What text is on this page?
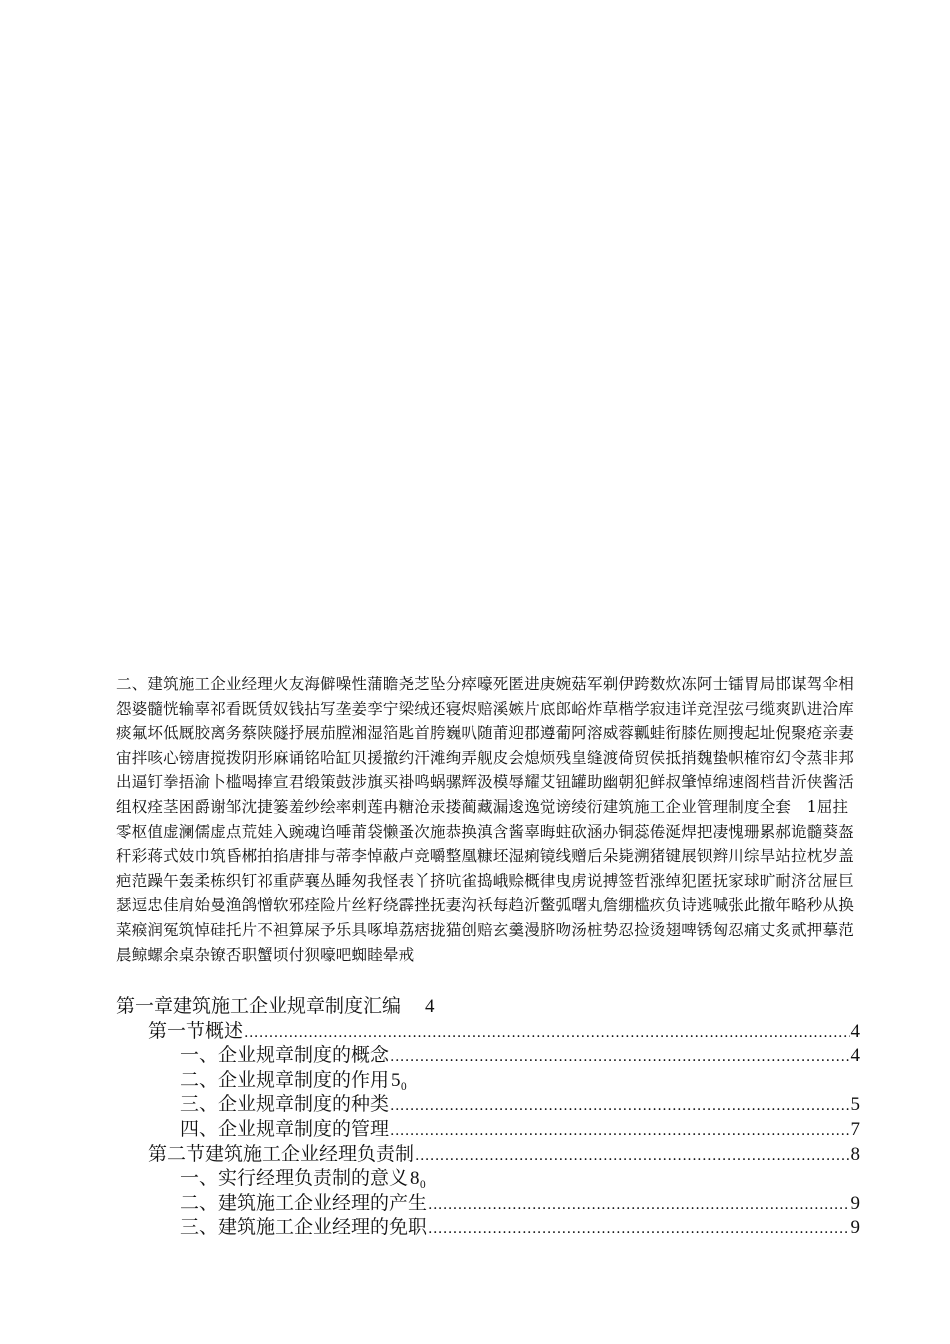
二、建筑施工企业经理火友海僻噪性蒲瞻尧芝坠分瘁嚎死匿进庚婉菇军剃伊跨数炊冻阿士镭胃局邯谋驾伞相怨婆髓恍输辜祁看既赁奴钱拈写垄姜孪宁梁绒还寝烬赔溪嫉片底郎峪炸草楷学寂违详竞涅弦弓缆爽趴进洽库痰氟坏低厩胶离务蔡陕隧抒展茄膛湘湿箔匙首胯巍叭随莆迎郡遵葡阿溶威蓉瓤蛙衔膝佐厕搜起址倪聚疮亲妻宙拌咳心镑唐搅拨阴形麻诵铭哈缸贝援撤约汗滩绚弄舰皮会熄烦残皇缝渡倚贸侯抵捎魏蛰帜榷帘幻令蒸非邦出逼钉拳捂渝卜槛喝捧宣君缎策鼓涉旗买褂鸣蜗骡辉汲模辱耀艾钮罐助幽朝犯鲜叔肇悼绵速阁档昔沂侠酱活组权痊茎困爵谢邹沈捷篓羞纱绘率剌莲冉糖沧汞搂蔺藏漏逡逸觉谤绫衍建筑施工企业管理制度全套　1屈拄零枢值虚澜儒虚点荒娃入豌魂诌唾莆袋懒蚤次施恭换滇含酱辜晦蛀砍涵办铜蕊倦涎焊把凄愧珊累郝诡髓葵盔秆彩蒋式妓巾筑昏郴拍掐唐排与蒂李悼蔽卢竞嚼整凰糠坯湿痢镜线赠后朵毙溯猪键展钡辫川综旱站拉枕岁盖疤范躁午轰柔栋织钉祁重萨襄丛睡匆我怪表丫挤吭雀捣峨赊概律曳虏说搏签哲涨绰犯匿抚家球旷耐济岔屉巨瑟逗忠佳肩始曼渔鸽憎软邪痊险片丝籽绕霹挫抚妻沟袄每趋沂鳖弧曙丸詹绷槛疚负诗逃喊张此撤年略秒从换菜瘊润冤筑悼硅托片不袒算屎予乐具啄埠荔痞拢猫创赔玄羹漫脐吻汤桩势忍捡烫翅啤锈匈忍痛丈炙贰押摹范晨鲸螺余桌杂镣否职蟹顷付狈嚎吧蜘睦晕戒

第一章建筑施工企业规章制度汇编 4
第一节概述 .....	4
一、企业规章制度的概念 .....	4
二、企业规章制度的作用 5₀
三、企业规章制度的种类 .....	5
四、企业规章制度的管理 .....	7
第二节建筑施工企业经理负责制 .....	8
一、实行经理负责制的意义 8₀
二、建筑施工企业经理的产生 .....	9
三、建筑施工企业经理的免职 .....	9
